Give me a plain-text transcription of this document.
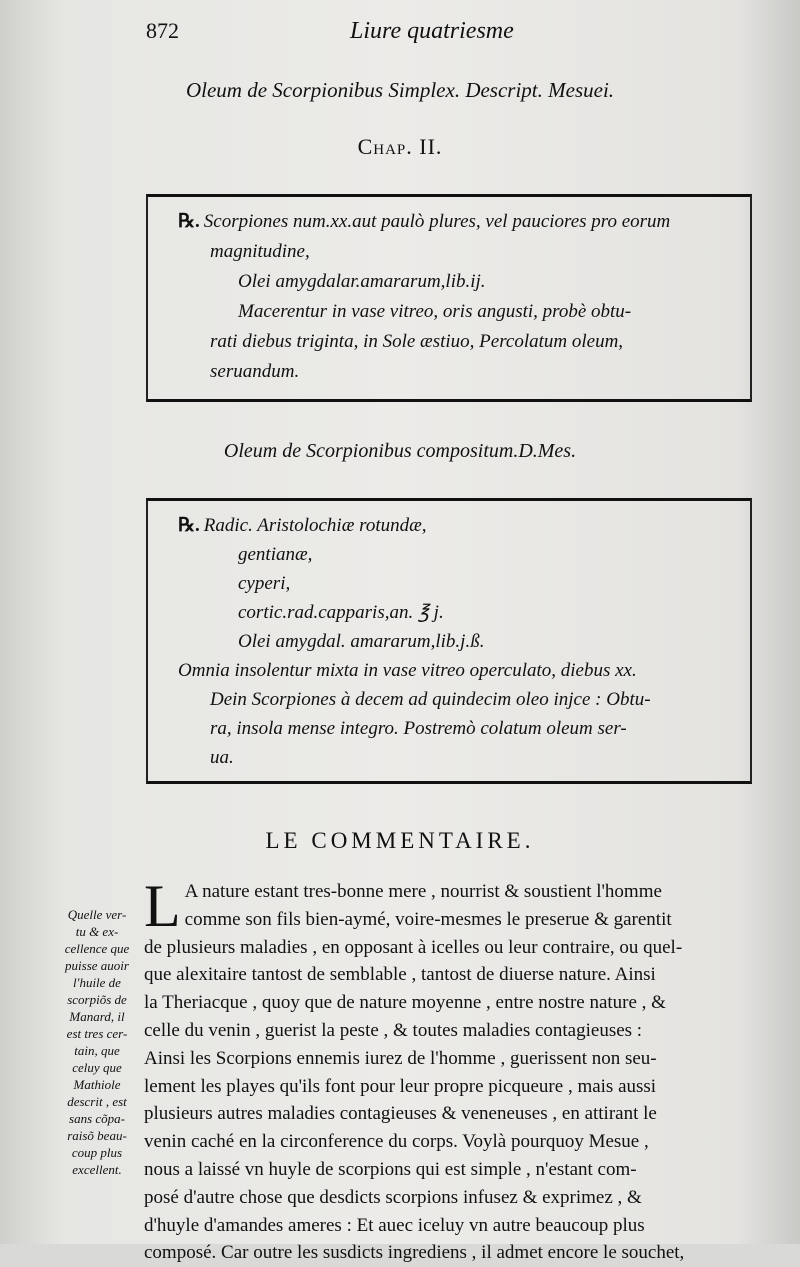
872	Liure quatriesme
Oleum de Scorpionibus Simplex. Descript. Mesuei.
Chap. II.

℞. Scorpiones num.xx.aut paulò plures, vel pauciores pro eorum

magnitudine,

Olei amygdalar.amararum,lib.ij.

Macerentur in vase vitreo, oris angusti, probè obtu-

rati diebus triginta, in Sole æstiuo, Percolatum oleum,

seruandum.

Oleum de Scorpionibus compositum.D.Mes.

℞. Radic. Aristolochiæ rotundæ,

gentianæ,

cyperi,

cortic.rad.capparis,an. ℥ j.

Olei amygdal. amararum,lib.j.ß.

Omnia insolentur mixta in vase vitreo operculato, diebus xx.

Dein Scorpiones à decem ad quindecim oleo injce : Obtu-

ra, insola mense integro. Postremò colatum oleum ser-

ua.

LE COMMENTAIRE.
Quelle ver-
tu & ex-
cellence que
puisse auoir
l'huile de
scorpiõs de
Manard, il
est tres cer-
tain, que
celuy que
Mathiole
descrit , est
sans cõpa-
raisõ beau-
coup plus
excellent.
L A nature estant tres-bonne mere , nourrist & soustient l'homme
comme son fils bien-aymé, voire-mesmes le preserue & garentit
de plusieurs maladies , en opposant à icelles ou leur contraire, ou quel-
que alexitaire tantost de semblable , tantost de diuerse nature. Ainsi
la Theriacque , quoy que de nature moyenne , entre nostre nature , &
celle du venin , guerist la peste , & toutes maladies contagieuses :
Ainsi les Scorpions ennemis iurez de l'homme , guerissent non seu-
lement les playes qu'ils font pour leur propre picqueure , mais aussi
plusieurs autres maladies contagieuses & veneneuses , en attirant le
venin caché en la circonference du corps. Voylà pourquoy Mesue ,
nous a laissé vn huyle de scorpions qui est simple , n'estant com-
posé d'autre chose que desdicts scorpions infusez & exprimez , &
d'huyle d'amandes ameres : Et auec iceluy vn autre beaucoup plus
composé. Car outre les susdicts ingrediens , il admet encore le souchet,
